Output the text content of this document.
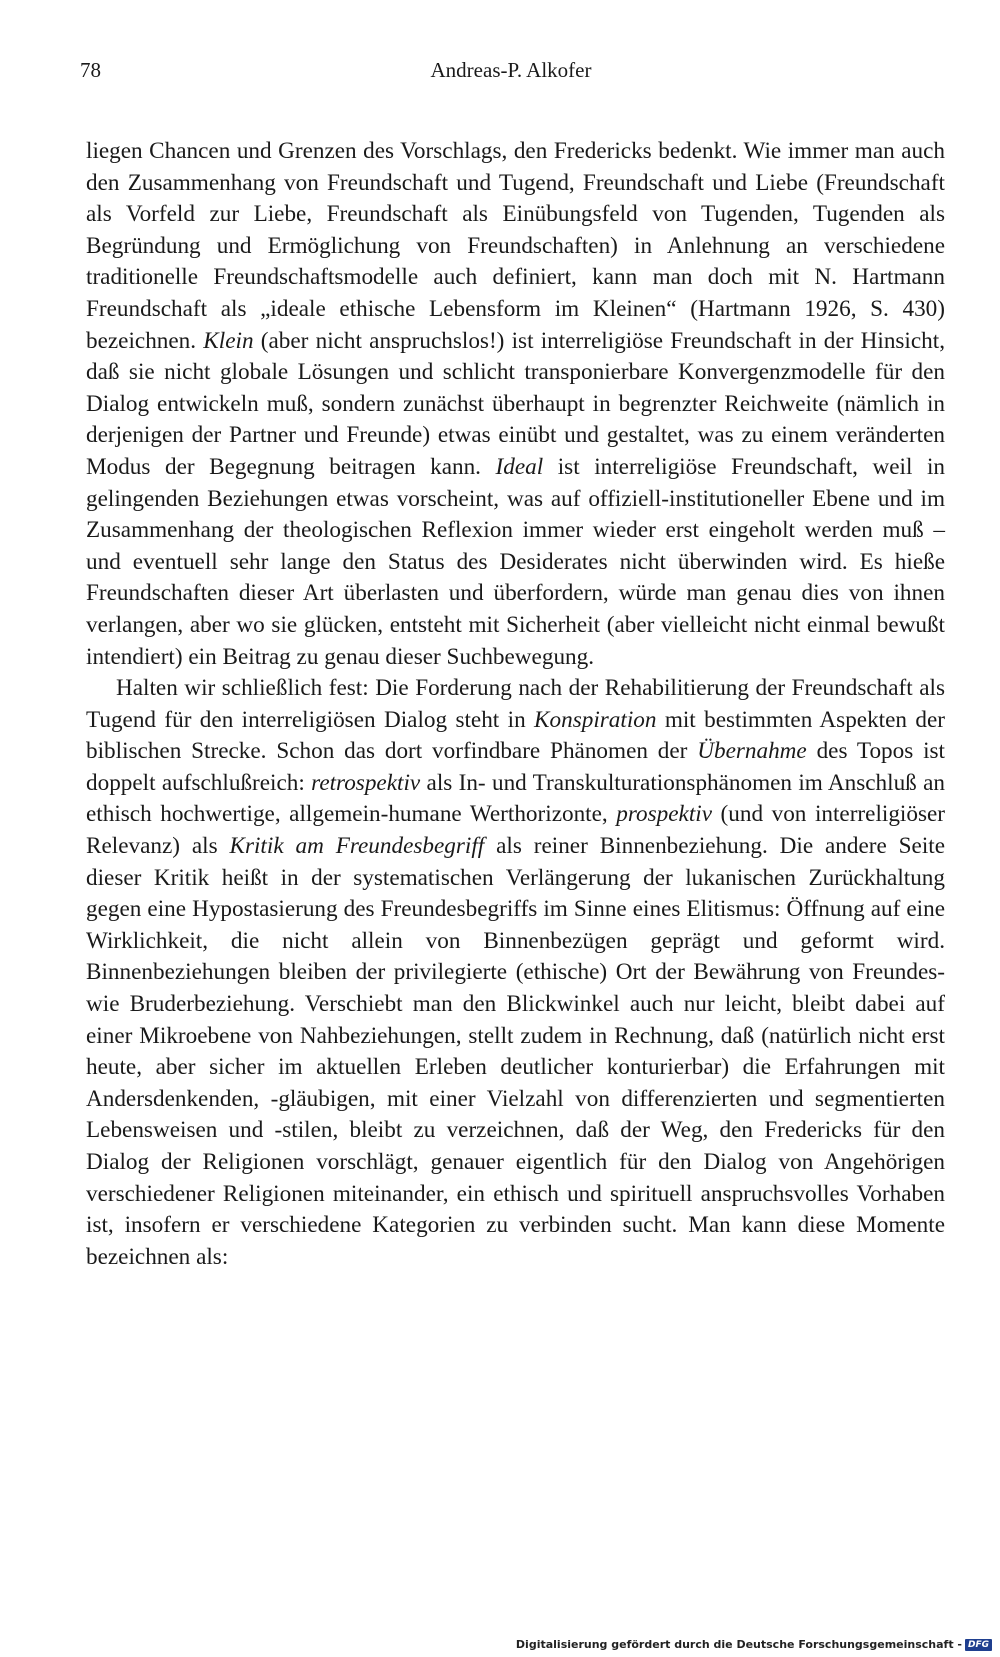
78	Andreas-P. Alkofer

liegen Chancen und Grenzen des Vorschlags, den Fredericks bedenkt. Wie immer man auch den Zusammenhang von Freundschaft und Tugend, Freundschaft und Liebe (Freundschaft als Vorfeld zur Liebe, Freundschaft als Einübungsfeld von Tugenden, Tugenden als Begründung und Ermöglichung von Freundschaften) in Anlehnung an verschiedene traditionelle Freundschaftsmodelle auch definiert, kann man doch mit N. Hartmann Freundschaft als „ideale ethische Lebensform im Kleinen“ (Hartmann 1926, S. 430) bezeichnen. Klein (aber nicht anspruchslos!) ist interreligiöse Freundschaft in der Hinsicht, daß sie nicht globale Lösungen und schlicht transponierbare Konvergenzmodelle für den Dialog entwickeln muß, sondern zunächst überhaupt in begrenzter Reichweite (nämlich in derjenigen der Partner und Freunde) etwas einübt und gestaltet, was zu einem veränderten Modus der Begegnung beitragen kann. Ideal ist interreligiöse Freundschaft, weil in gelingenden Beziehungen etwas vorscheint, was auf offiziell-institutioneller Ebene und im Zusammenhang der theologischen Reflexion immer wieder erst eingeholt werden muß – und eventuell sehr lange den Status des Desiderates nicht überwinden wird. Es hieße Freundschaften dieser Art überlasten und überfordern, würde man genau dies von ihnen verlangen, aber wo sie glücken, entsteht mit Sicherheit (aber vielleicht nicht einmal bewußt intendiert) ein Beitrag zu genau dieser Suchbewegung.

Halten wir schließlich fest: Die Forderung nach der Rehabilitierung der Freundschaft als Tugend für den interreligiösen Dialog steht in Konspiration mit bestimmten Aspekten der biblischen Strecke. Schon das dort vorfindbare Phänomen der Übernahme des Topos ist doppelt aufschlußreich: retrospektiv als In- und Transkulturationsphänomen im Anschluß an ethisch hochwertige, allgemein-humane Werthorizonte, prospektiv (und von interreligiöser Relevanz) als Kritik am Freundesbegriff als reiner Binnenbeziehung. Die andere Seite dieser Kritik heißt in der systematischen Verlängerung der lukanischen Zurückhaltung gegen eine Hypostasierung des Freundesbegriffs im Sinne eines Elitismus: Öffnung auf eine Wirklichkeit, die nicht allein von Binnenbezügen geprägt und geformt wird. Binnenbeziehungen bleiben der privilegierte (ethische) Ort der Bewährung von Freundes- wie Bruderbeziehung. Verschiebt man den Blickwinkel auch nur leicht, bleibt dabei auf einer Mikroebene von Nahbeziehungen, stellt zudem in Rechnung, daß (natürlich nicht erst heute, aber sicher im aktuellen Erleben deutlicher konturierbar) die Erfahrungen mit Andersdenkenden, -gläubigen, mit einer Vielzahl von differenzierten und segmentierten Lebensweisen und -stilen, bleibt zu verzeichnen, daß der Weg, den Fredericks für den Dialog der Religionen vorschlägt, genauer eigentlich für den Dialog von Angehörigen verschiedener Religionen miteinander, ein ethisch und spirituell anspruchsvolles Vorhaben ist, insofern er verschiedene Kategorien zu verbinden sucht. Man kann diese Momente bezeichnen als:

Digitalisierung gefördert durch die Deutsche Forschungsgemeinschaft - DFG
